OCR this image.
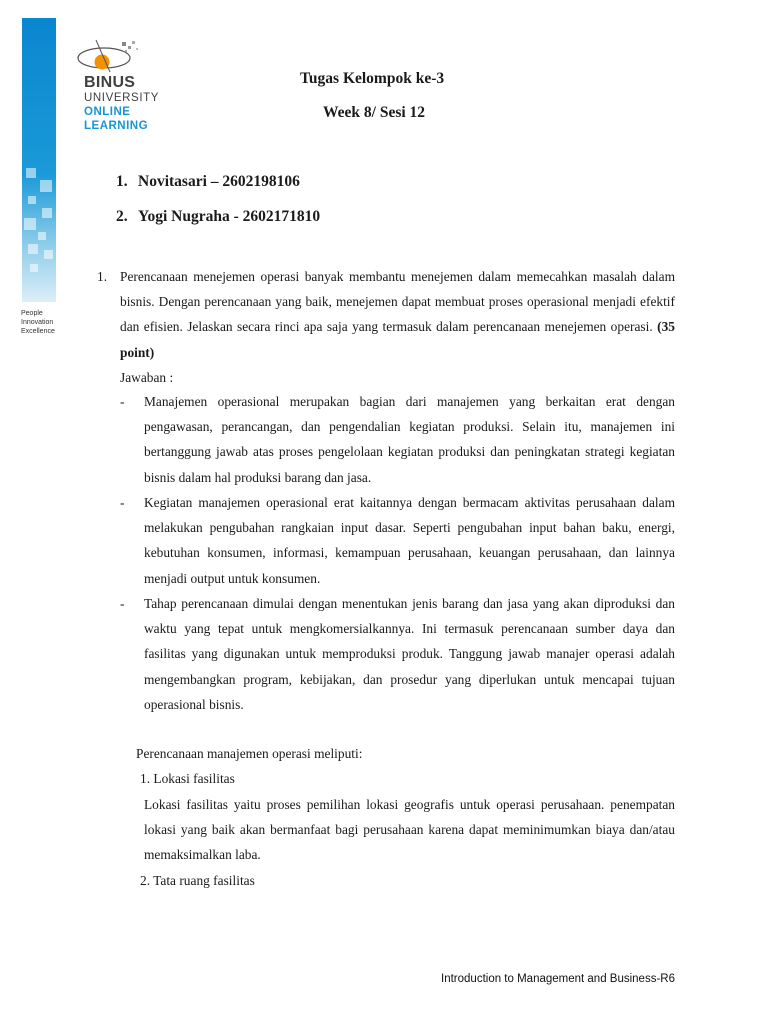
People
Innovation
Excellence
BINUS
UNIVERSITY
ONLINE
LEARNING
Tugas Kelompok ke-3
Week 8/ Sesi 12
1. Novitasari – 2602198106
2. Yogi Nugraha - 2602171810
1. Perencanaan menejemen operasi banyak membantu menejemen dalam memecahkan masalah dalam bisnis. Dengan perencanaan yang baik, menejemen dapat membuat proses operasional menjadi efektif dan efisien. Jelaskan secara rinci apa saja yang termasuk dalam perencanaan menejemen operasi. (35 point)
Jawaban :
- Manajemen operasional merupakan bagian dari manajemen yang berkaitan erat dengan pengawasan, perancangan, dan pengendalian kegiatan produksi. Selain itu, manajemen ini bertanggung jawab atas proses pengelolaan kegiatan produksi dan peningkatan strategi kegiatan bisnis dalam hal produksi barang dan jasa.
- Kegiatan manajemen operasional erat kaitannya dengan bermacam aktivitas perusahaan dalam melakukan pengubahan rangkaian input dasar. Seperti pengubahan input bahan baku, energi, kebutuhan konsumen, informasi, kemampuan perusahaan, keuangan perusahaan, dan lainnya menjadi output untuk konsumen.
- Tahap perencanaan dimulai dengan menentukan jenis barang dan jasa yang akan diproduksi dan waktu yang tepat untuk mengkomersialkannya. Ini termasuk perencanaan sumber daya dan fasilitas yang digunakan untuk memproduksi produk. Tanggung jawab manajer operasi adalah mengembangkan program, kebijakan, dan prosedur yang diperlukan untuk mencapai tujuan operasional bisnis.
Perencanaan manajemen operasi meliputi:
1. Lokasi fasilitas
Lokasi fasilitas yaitu proses pemilihan lokasi geografis untuk operasi perusahaan. penempatan lokasi yang baik akan bermanfaat bagi perusahaan karena dapat meminimumkan biaya dan/atau memaksimalkan laba.
2. Tata ruang fasilitas
Introduction to Management and Business-R6
